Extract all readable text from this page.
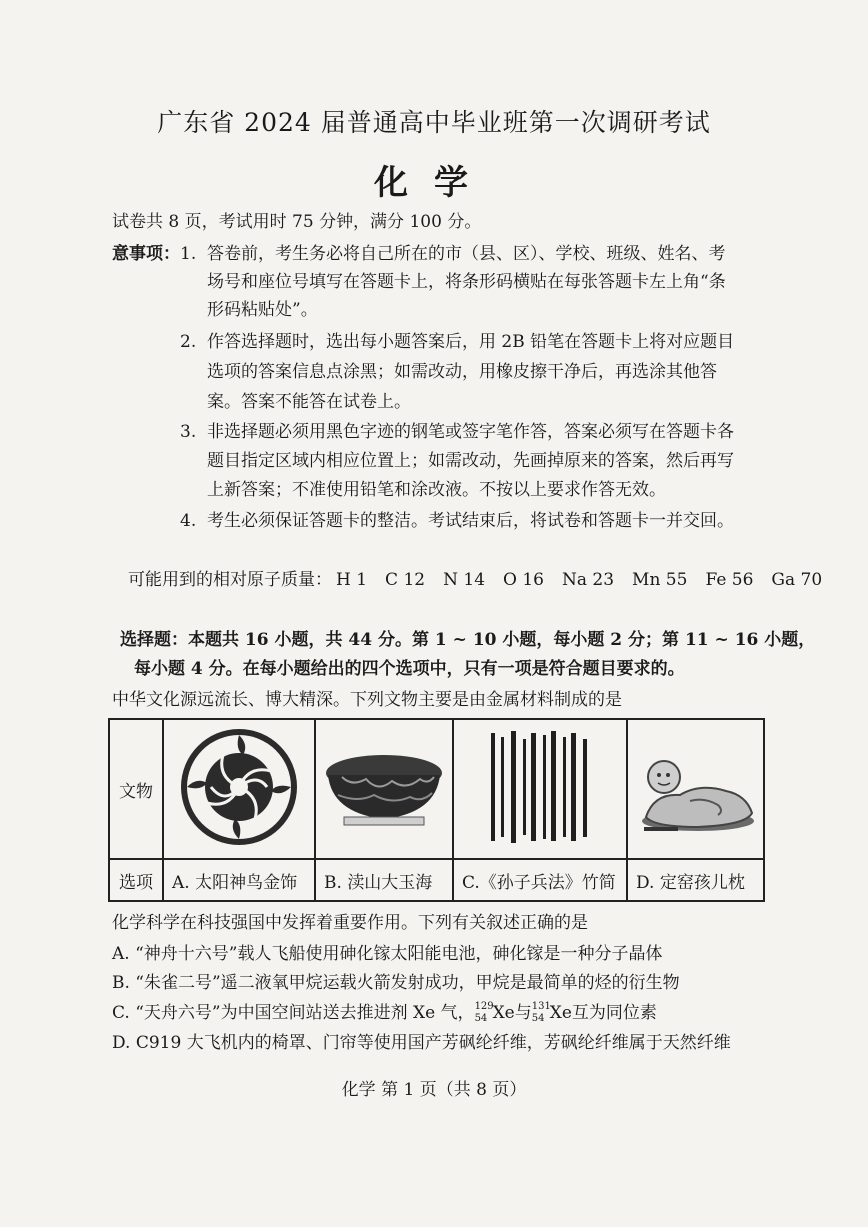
广东省 2024 届普通高中毕业班第一次调研考试
化学
试卷共 8 页，考试用时 75 分钟，满分 100 分。
意事项： 1. 答卷前，考生务必将自己所在的市（县、区）、学校、班级、姓名、考
场号和座位号填写在答题卡上，将条形码横贴在每张答题卡左上角“条
形码粘贴处”。
2. 作答选择题时，选出每小题答案后，用 2B 铅笔在答题卡上将对应题目
选项的答案信息点涂黑；如需改动，用橡皮擦干净后，再选涂其他答
案。答案不能答在试卷上。
3. 非选择题必须用黑色字迹的钢笔或签字笔作答，答案必须写在答题卡各
题目指定区域内相应位置上；如需改动，先画掉原来的答案，然后再写
上新答案；不准使用铅笔和涂改液。不按以上要求作答无效。
4. 考生必须保证答题卡的整洁。考试结束后，将试卷和答题卡一并交回。
可能用到的相对原子质量： H 1 C 12 N 14 O 16 Na 23 Mn 55 Fe 56 Ga 70
选择题：本题共 16 小题，共 44 分。第 1 ~ 10 小题，每小题 2 分；第 11 ~ 16 小题，
每小题 4 分。在每小题给出的四个选项中，只有一项是符合题目要求的。
中华文化源远流长、博大精深。下列文物主要是由金属材料制成的是
文物				
选项	A. 太阳神鸟金饰	B. 渎山大玉海	C.《孙子兵法》竹简	D. 定窑孩儿枕
化学科学在科技强国中发挥着重要作用。下列有关叙述正确的是
A. “神舟十六号”载人飞船使用砷化镓太阳能电池，砷化镓是一种分子晶体
B. “朱雀二号”遥二液氧甲烷运载火箭发射成功，甲烷是最简单的烃的衍生物
C. “天舟六号”为中国空间站送去推进剂 Xe 气， 129
54 Xe与 131
54 Xe互为同位素
D. C919 大飞机内的椅罩、门帘等使用国产芳砜纶纤维，芳砜纶纤维属于天然纤维
化学 第 1 页（共 8 页）
